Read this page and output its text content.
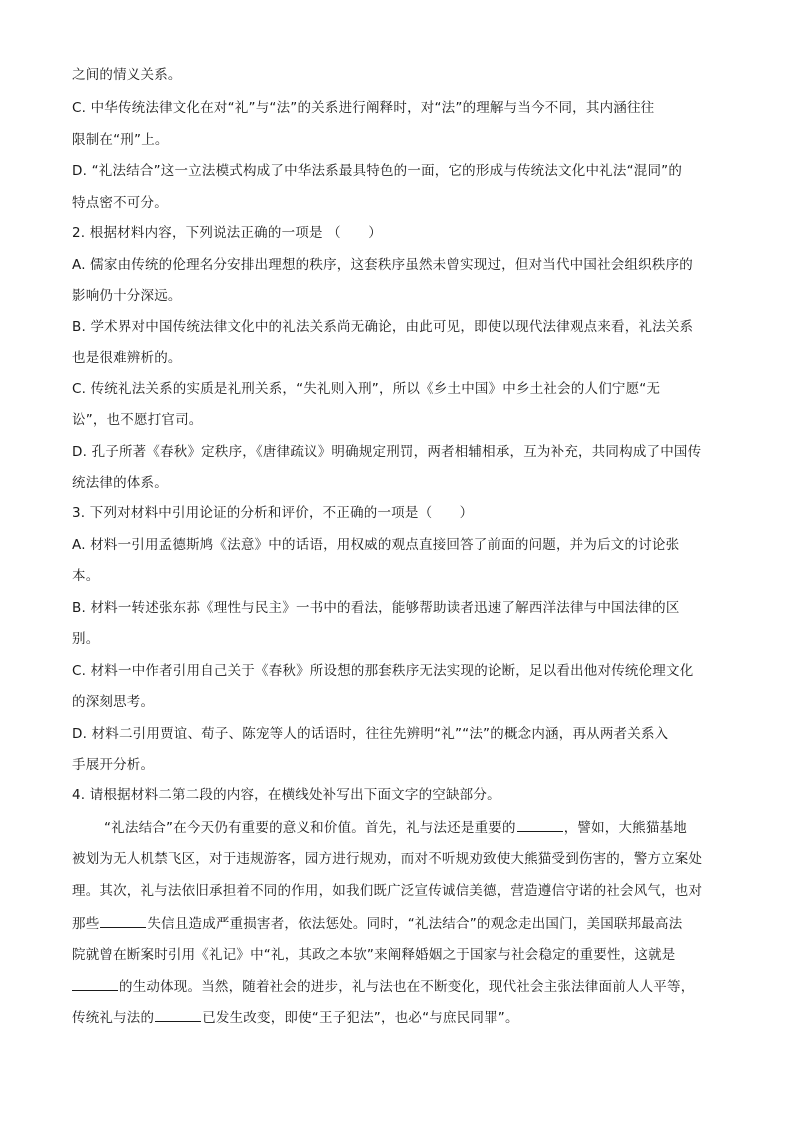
之间的情义关系。
C. 中华传统法律文化在对“礼”与“法”的关系进行阐释时，对“法”的理解与当今不同，其内涵往往
限制在“刑”上。
D. “礼法结合”这一立法模式构成了中华法系最具特色的一面，它的形成与传统法文化中礼法“混同”的
特点密不可分。
2. 根据材料内容，下列说法正确的一项是 （　　）
A. 儒家由传统的伦理名分安排出理想的秩序，这套秩序虽然未曾实现过，但对当代中国社会组织秩序的
影响仍十分深远。
B. 学术界对中国传统法律文化中的礼法关系尚无确论，由此可见，即使以现代法律观点来看，礼法关系
也是很难辨析的。
C. 传统礼法关系的实质是礼刑关系，“失礼则入刑”，所以《乡土中国》中乡土社会的人们宁愿“无
讼”，也不愿打官司。
D. 孔子所著《春秋》定秩序，《唐律疏议》明确规定刑罚，两者相辅相承，互为补充，共同构成了中国传
统法律的体系。
3. 下列对材料中引用论证的分析和评价，不正确的一项是（　　）
A. 材料一引用孟德斯鸠《法意》中的话语，用权威的观点直接回答了前面的问题，并为后文的讨论张
本。
B. 材料一转述张东荪《理性与民主》一书中的看法，能够帮助读者迅速了解西洋法律与中国法律的区
别。
C. 材料一中作者引用自己关于《春秋》所设想的那套秩序无法实现的论断，足以看出他对传统伦理文化
的深刻思考。
D. 材料二引用贾谊、荀子、陈宠等人的话语时，往往先辨明“礼”“法”的概念内涵，再从两者关系入
手展开分析。
4. 请根据材料二第二段的内容，在横线处补写出下面文字的空缺部分。
“礼法结合”在今天仍有重要的意义和价值。首先，礼与法还是重要的	，譬如，大熊猫基地
被划为无人机禁飞区，对于违规游客，园方进行规劝，而对不听规劝致使大熊猫受到伤害的，警方立案处
理。其次，礼与法依旧承担着不同的作用，如我们既广泛宣传诚信美德，营造遵信守诺的社会风气，也对
那些	失信且造成严重损害者，依法惩处。同时，“礼法结合”的观念走出国门，美国联邦最高法
院就曾在断案时引用《礼记》中“礼，其政之本欤”来阐释婚姻之于国家与社会稳定的重要性，这就是
的生动体现。当然，随着社会的进步，礼与法也在不断变化，现代社会主张法律面前人人平等，
传统礼与法的	已发生改变，即使“王子犯法”，也必“与庶民同罪”。
